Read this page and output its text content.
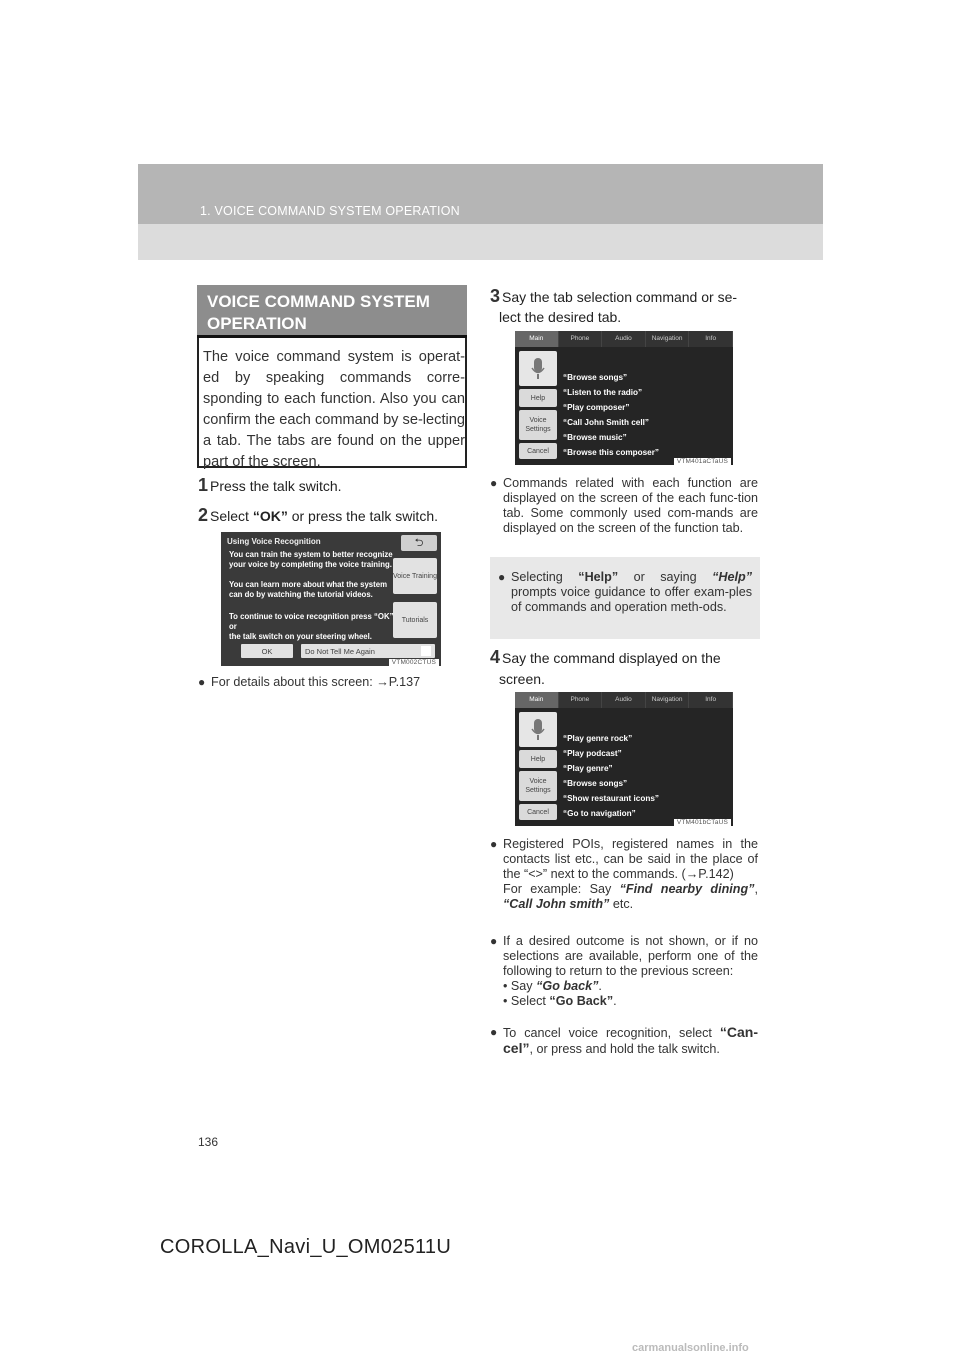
1. VOICE COMMAND SYSTEM OPERATION
VOICE COMMAND SYSTEM
OPERATION
The voice command system is operat-ed by speaking commands corre-sponding to each function. Also you can confirm the each command by se-lecting a tab. The tabs are found on the upper part of the screen.
1 Press the talk switch.
2 Select “OK” or press the talk switch.
Using Voice Recognition	⮌
You can train the system to better recognize
your voice by completing the voice training.
You can learn more about what the system
can do by watching the tutorial videos.
To continue to voice recognition press “OK” or
the talk switch on your steering wheel.
Voice Training
Tutorials
OK	Do Not Tell Me Again
VTM002CTUS
● For details about this screen: →P.137
3 Say the tab selection command or se-
lect the desired tab.
Main	Phone	Audio	Navigation	Info
Help
Voice Settings
Cancel
“Browse songs”
“Listen to the radio”
“Play composer”
“Call John Smith cell”
“Browse music”
“Browse this composer”
VTM401aCTaUS
● Commands related with each function are displayed on the screen of the each func-tion tab. Some commonly used com-mands are displayed on the screen of the function tab.
● Selecting “Help” or saying “Help” prompts voice guidance to offer exam-ples of commands and operation meth-ods.
4 Say the command displayed on the
screen.
Main	Phone	Audio	Navigation	Info
Help
Voice Settings
Cancel
“Play genre rock”
“Play podcast”
“Play genre”
“Browse songs”
“Show restaurant icons”
“Go to navigation”
VTM401bCTaUS
● Registered POIs, registered names in the contacts list etc., can be said in the place of the “<>” next to the commands. (→P.142)
For example: Say “Find nearby dining”, “Call John smith” etc.
● If a desired outcome is not shown, or if no selections are available, perform one of the following to return to the previous screen:
• Say “Go back”.
• Select “Go Back”.
● To cancel voice recognition, select “Can-cel”, or press and hold the talk switch.
136
COROLLA_Navi_U_OM02511U
carmanualsonline.info
